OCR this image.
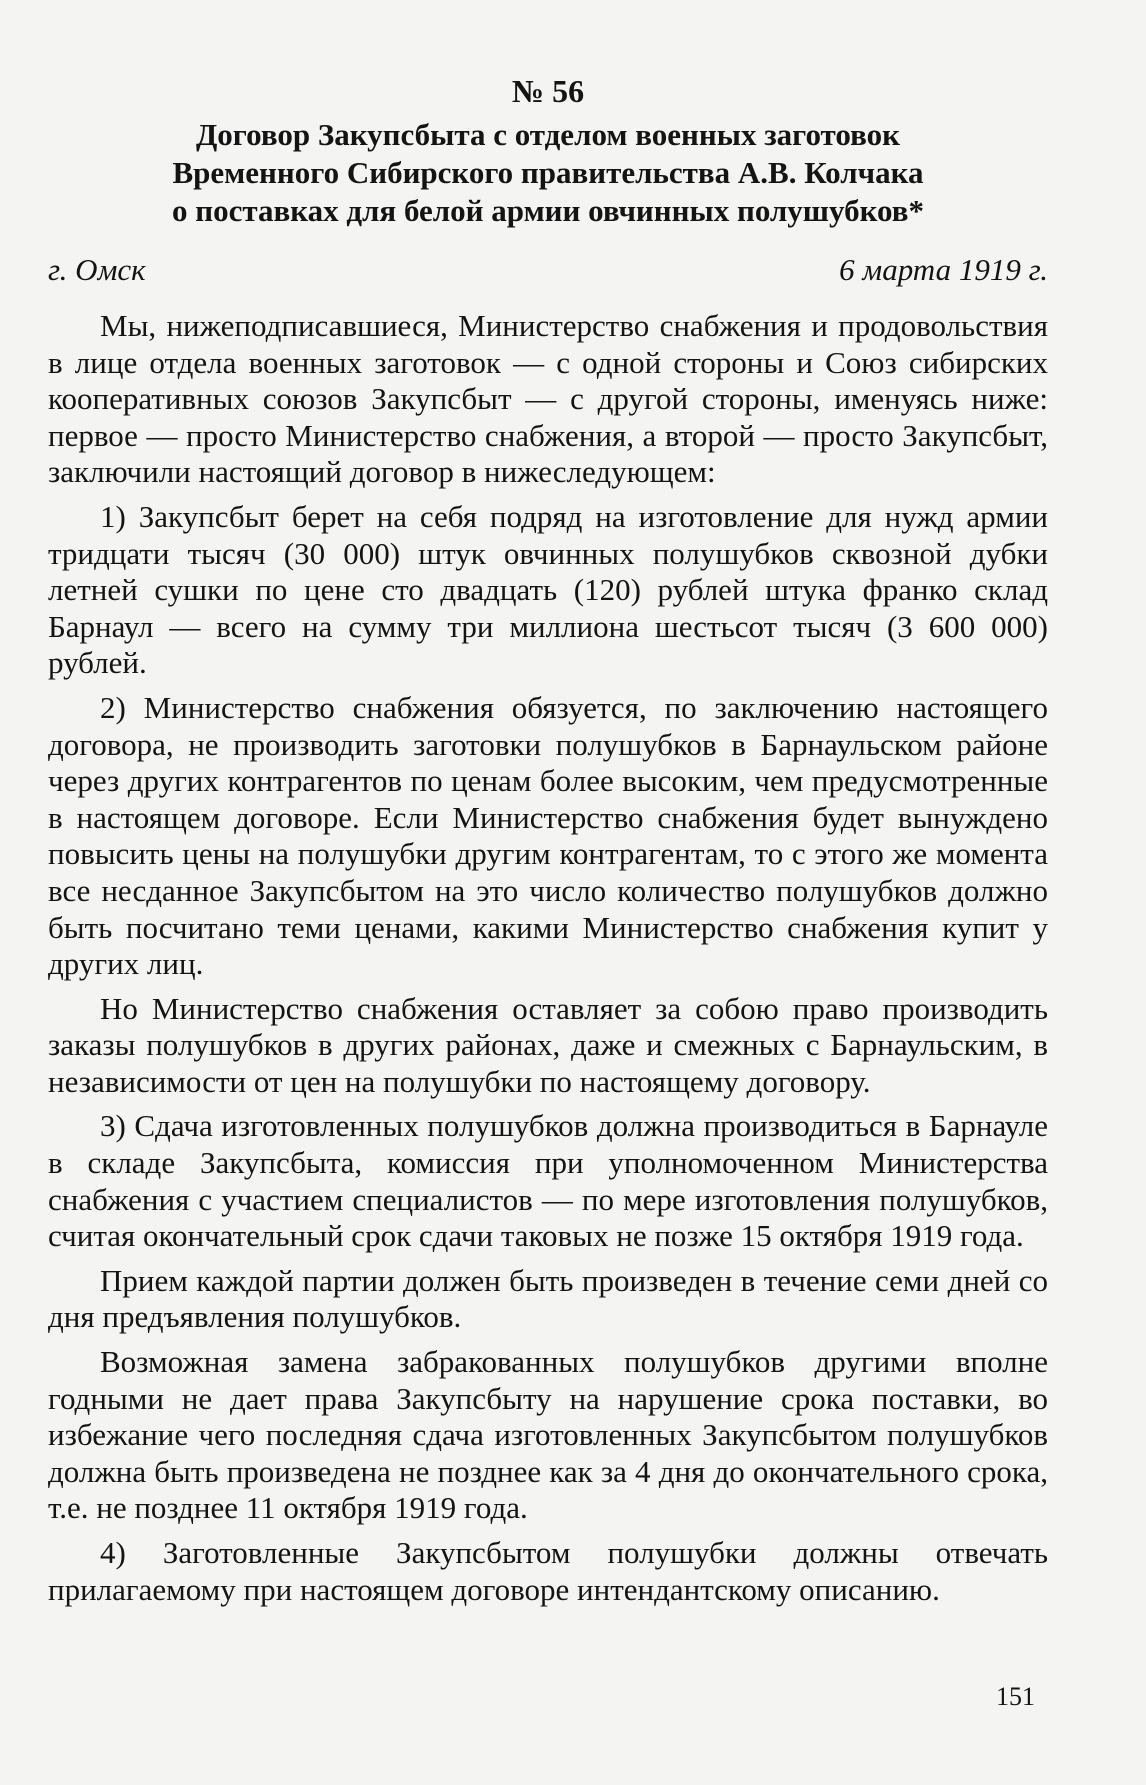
№ 56
Договор Закупсбыта с отделом военных заготовок
Временного Сибирского правительства А.В. Колчака
о поставках для белой армии овчинных полушубков*
г. Омск	6 марта 1919 г.

Мы, нижеподписавшиеся, Министерство снабжения и продовольствия в лице отдела военных заготовок — с одной стороны и Союз сибирских кооперативных союзов Закупсбыт — с другой стороны, именуясь ниже: первое — просто Министерство снабжения, а второй — просто Закупсбыт, заключили настоящий договор в нижеследующем:

1) Закупсбыт берет на себя подряд на изготовление для нужд армии тридцати тысяч (30 000) штук овчинных полушубков сквозной дубки летней сушки по цене сто двадцать (120) рублей штука франко склад Барнаул — всего на сумму три миллиона шестьсот тысяч (3 600 000) рублей.

2) Министерство снабжения обязуется, по заключению настоящего договора, не производить заготовки полушубков в Барнаульском районе через других контрагентов по ценам более высоким, чем предусмотренные в настоящем договоре. Если Министерство снабжения будет вынуждено повысить цены на полушубки другим контрагентам, то с этого же момента все несданное Закупсбытом на это число количество полушубков должно быть посчитано теми ценами, какими Министерство снабжения купит у других лиц.

Но Министерство снабжения оставляет за собою право производить заказы полушубков в других районах, даже и смежных с Барнаульским, в независимости от цен на полушубки по настоящему договору.

3) Сдача изготовленных полушубков должна производиться в Барнауле в складе Закупсбыта, комиссия при уполномоченном Министерства снабжения с участием специалистов — по мере изготовления полушубков, считая окончательный срок сдачи таковых не позже 15 октября 1919 года.

Прием каждой партии должен быть произведен в течение семи дней со дня предъявления полушубков.

Возможная замена забракованных полушубков другими вполне годными не дает права Закупсбыту на нарушение срока поставки, во избежание чего последняя сдача изготовленных Закупсбытом полушубков должна быть произведена не позднее как за 4 дня до окончательного срока, т.е. не позднее 11 октября 1919 года.

4) Заготовленные Закупсбытом полушубки должны отвечать прилагаемому при настоящем договоре интендантскому описанию.

151
